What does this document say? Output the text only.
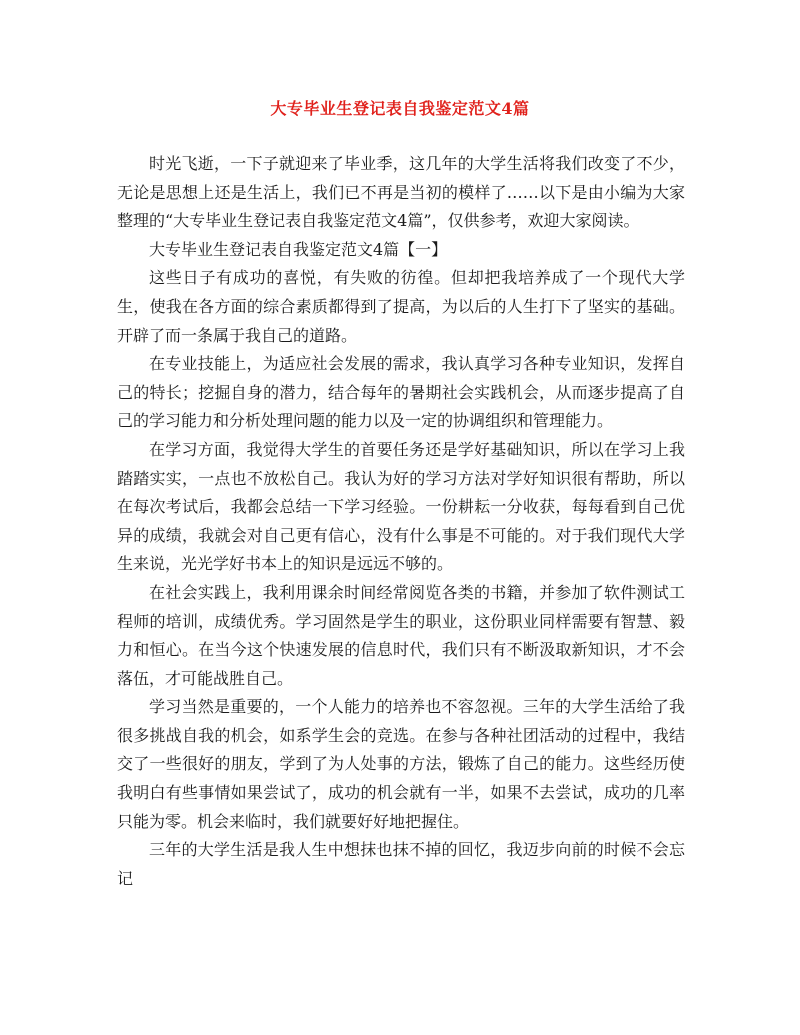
大专毕业生登记表自我鉴定范文4篇

时光飞逝，一下子就迎来了毕业季，这几年的大学生活将我们改变了不少，无论是思想上还是生活上，我们已不再是当初的模样了……以下是由小编为大家整理的“大专毕业生登记表自我鉴定范文4篇”，仅供参考，欢迎大家阅读。

大专毕业生登记表自我鉴定范文4篇【一】

这些日子有成功的喜悦，有失败的彷徨。但却把我培养成了一个现代大学生，使我在各方面的综合素质都得到了提高，为以后的人生打下了坚实的基础。开辟了而一条属于我自己的道路。

在专业技能上，为适应社会发展的需求，我认真学习各种专业知识，发挥自己的特长；挖掘自身的潜力，结合每年的暑期社会实践机会，从而逐步提高了自己的学习能力和分析处理问题的能力以及一定的协调组织和管理能力。

在学习方面，我觉得大学生的首要任务还是学好基础知识，所以在学习上我踏踏实实，一点也不放松自己。我认为好的学习方法对学好知识很有帮助，所以在每次考试后，我都会总结一下学习经验。一份耕耘一分收获，每每看到自己优异的成绩，我就会对自己更有信心，没有什么事是不可能的。对于我们现代大学生来说，光光学好书本上的知识是远远不够的。

在社会实践上，我利用课余时间经常阅览各类的书籍，并参加了软件测试工程师的培训，成绩优秀。学习固然是学生的职业，这份职业同样需要有智慧、毅力和恒心。在当今这个快速发展的信息时代，我们只有不断汲取新知识，才不会落伍，才可能战胜自己。

学习当然是重要的，一个人能力的培养也不容忽视。三年的大学生活给了我很多挑战自我的机会，如系学生会的竞选。在参与各种社团活动的过程中，我结交了一些很好的朋友，学到了为人处事的方法，锻炼了自己的能力。这些经历使我明白有些事情如果尝试了，成功的机会就有一半，如果不去尝试，成功的几率只能为零。机会来临时，我们就要好好地把握住。

三年的大学生活是我人生中想抹也抹不掉的回忆，我迈步向前的时候不会忘记
